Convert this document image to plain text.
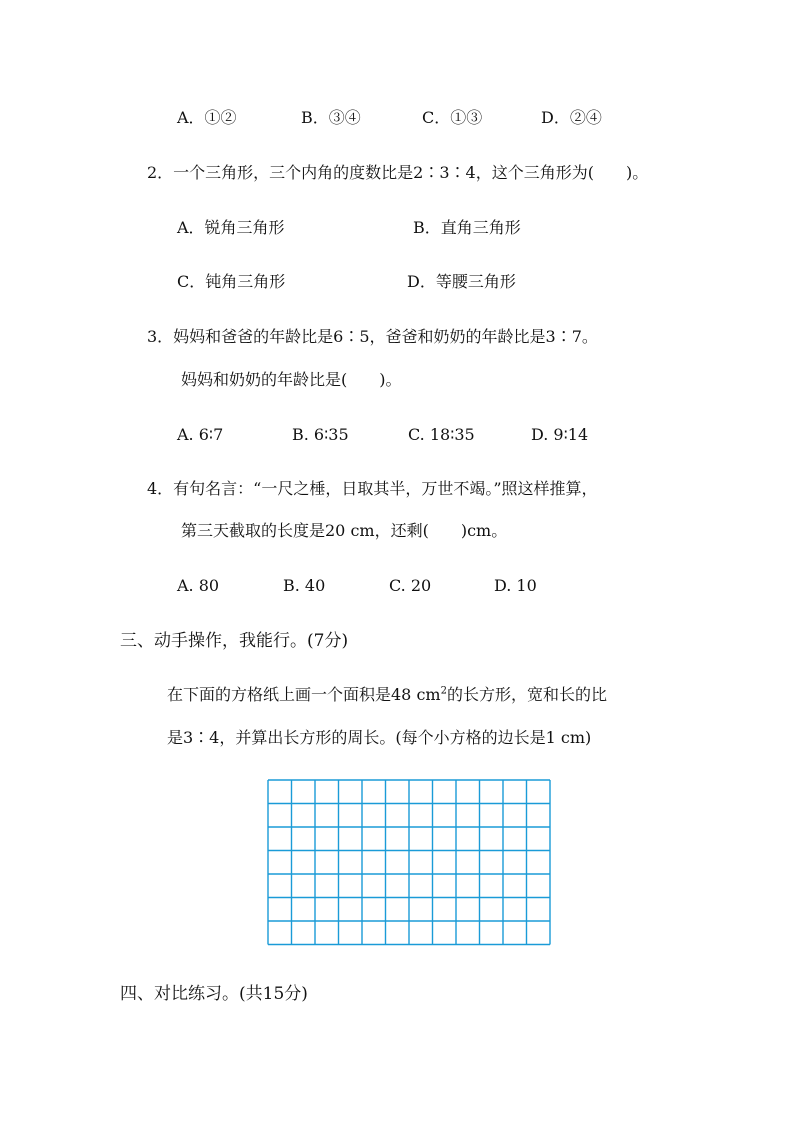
A．①②	B．③④	C．①③	D．②④
2．一个三角形，三个内角的度数比是2∶3∶4，这个三角形为(　　)。
A．锐角三角形	B．直角三角形
C．钝角三角形	D．等腰三角形
3．妈妈和爸爸的年龄比是6∶5，爸爸和奶奶的年龄比是3∶7。
妈妈和奶奶的年龄比是(　　)。
A. 6∶7	B. 6∶35	C. 18∶35	D. 9∶14
4．有句名言：“一尺之棰，日取其半，万世不竭。”照这样推算，
第三天截取的长度是20 cm，还剩(　　)cm。
A. 80	B. 40	C. 20	D. 10
三、动手操作，我能行。(7分)
在下面的方格纸上画一个面积是48 $cm^2$的长方形，宽和长的比
是3∶4，并算出长方形的周长。(每个小方格的边长是1 cm)
四、对比练习。(共15分)
